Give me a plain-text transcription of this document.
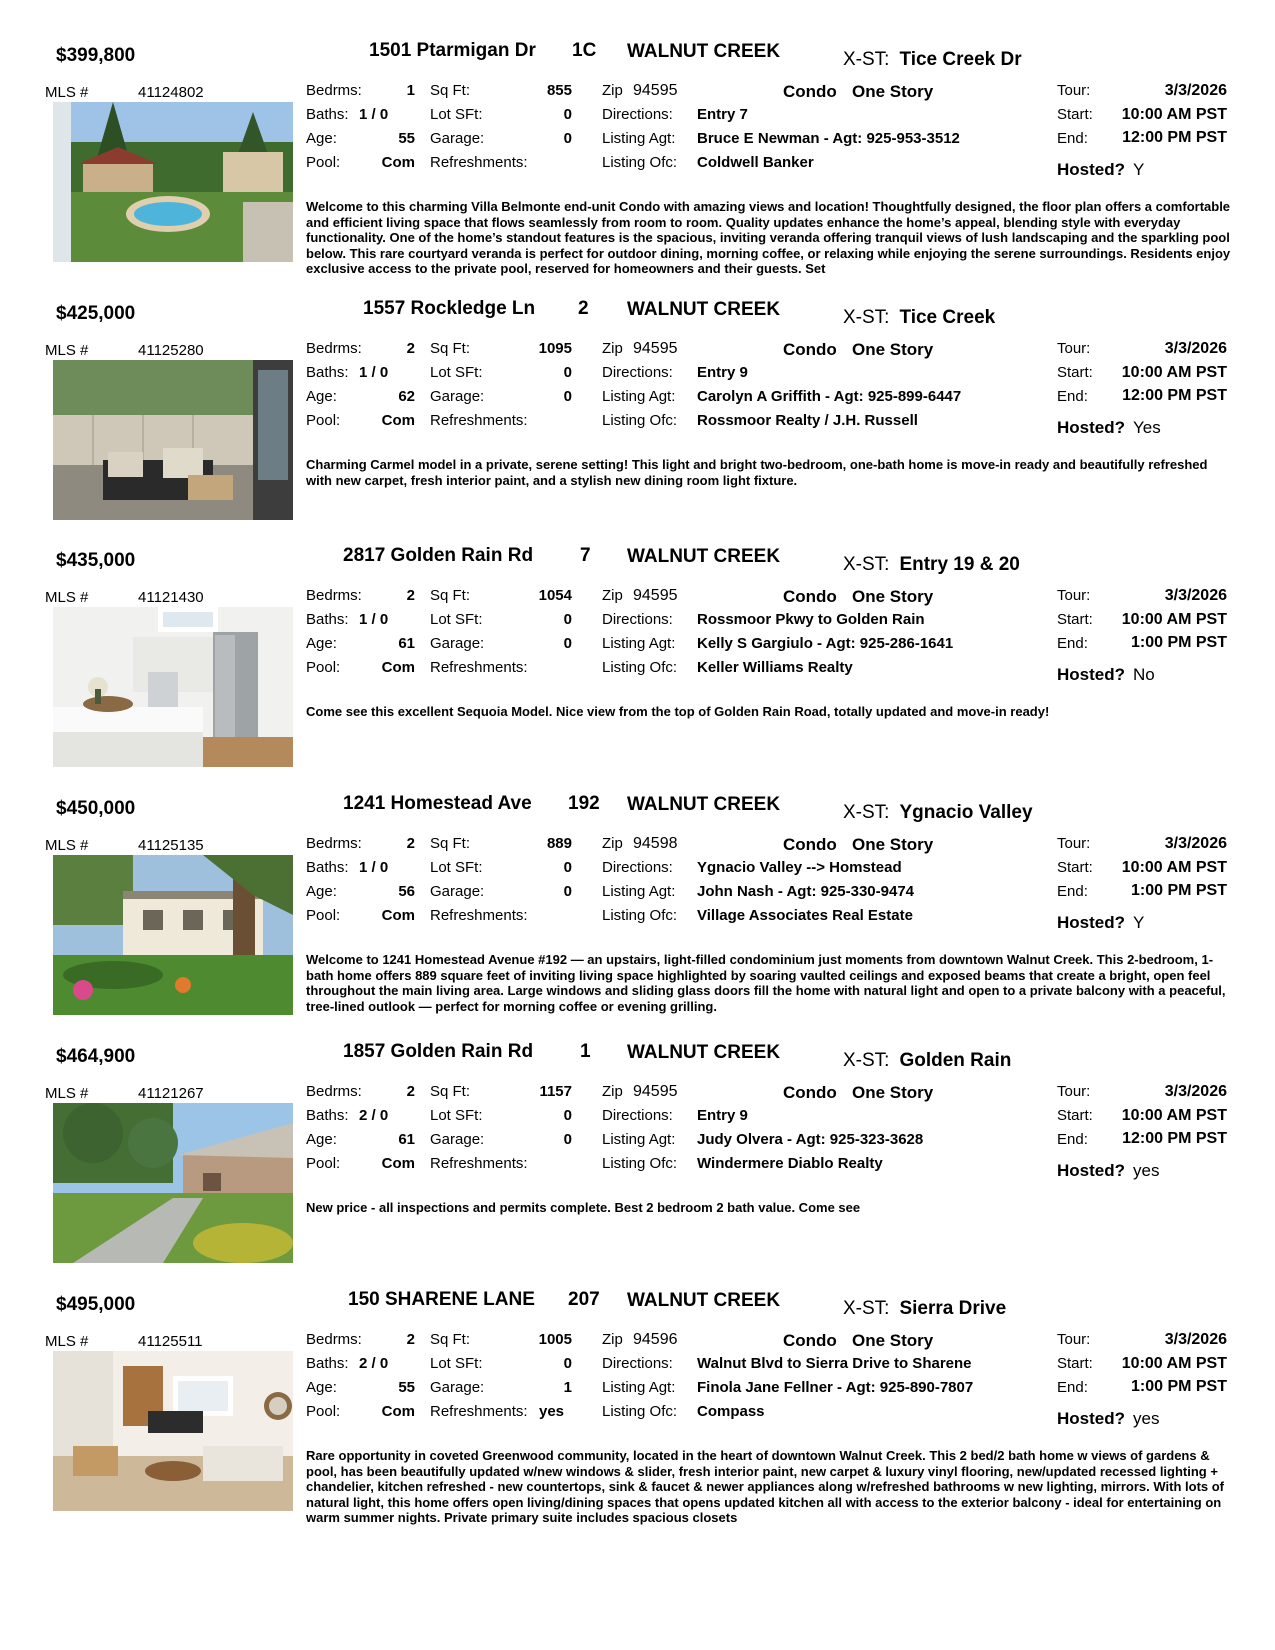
$399,800	1501 Ptarmigan Dr 1C WALNUT CREEK	X-ST: Tice Creek Dr
MLS #	41124802	Bedrms:	1
Baths: 1 / 0
Age:	55
Pool:	Com
Sq Ft:	855
Lot SFt:	0
Garage:	0
Refreshments:
Zip 94595	Condo One Story
Directions: Entry 7
Listing Agt: Bruce E Newman - Agt: 925-953-3512
Listing Ofc: Coldwell Banker
Tour:	3/3/2026
Start: 10:00 AM PST
End: 12:00 PM PST
Hosted? Y
Welcome to this charming Villa Belmonte end-unit Condo with amazing views and location! Thoughtfully designed, the floor plan offers a comfortable and efficient living space that flows seamlessly from room to room. Quality updates enhance the home’s appeal, blending style with everyday functionality. One of the home’s standout features is the spacious, inviting veranda offering tranquil views of lush landscaping and the sparkling pool below. This rare courtyard veranda is perfect for outdoor dining, morning coffee, or relaxing while enjoying the serene surroundings. Residents enjoy exclusive access to the private pool, reserved for homeowners and their guests. Set
$425,000	1557 Rockledge Ln 2 WALNUT CREEK	X-ST: Tice Creek
MLS #	41125280	Bedrms:	2
Baths: 1 / 0
Age:	62
Pool:	Com
Sq Ft:	1095
Lot SFt:	0
Garage:	0
Refreshments:
Zip 94595	Condo One Story
Directions: Entry 9
Listing Agt: Carolyn A Griffith - Agt: 925-899-6447
Listing Ofc: Rossmoor Realty / J.H. Russell
Tour:	3/3/2026
Start: 10:00 AM PST
End: 12:00 PM PST
Hosted? Yes
Charming Carmel model in a private, serene setting! This light and bright two-bedroom, one-bath home is move-in ready and beautifully refreshed with new carpet, fresh interior paint, and a stylish new dining room light fixture.
$435,000	2817 Golden Rain Rd 7 WALNUT CREEK	X-ST: Entry 19 & 20
MLS #	41121430	Bedrms:	2
Baths: 1 / 0
Age:	61
Pool:	Com
Sq Ft:	1054
Lot SFt:	0
Garage:	0
Refreshments:
Zip 94595	Condo One Story
Directions: Rossmoor Pkwy to Golden Rain
Listing Agt: Kelly S Gargiulo - Agt: 925-286-1641
Listing Ofc: Keller Williams Realty
Tour:	3/3/2026
Start: 10:00 AM PST
End:	1:00 PM PST
Hosted? No
Come see this excellent Sequoia Model. Nice view from the top of Golden Rain Road, totally updated and move-in ready!
$450,000	1241 Homestead Ave 192 WALNUT CREEK	X-ST: Ygnacio Valley
MLS #	41125135	Bedrms:	2
Baths: 1 / 0
Age:	56
Pool:	Com
Sq Ft:	889
Lot SFt:	0
Garage:	0
Refreshments:
Zip 94598	Condo One Story
Directions: Ygnacio Valley --> Homstead
Listing Agt: John Nash - Agt: 925-330-9474
Listing Ofc: Village Associates Real Estate
Tour:	3/3/2026
Start: 10:00 AM PST
End:	1:00 PM PST
Hosted? Y
Welcome to 1241 Homestead Avenue #192 — an upstairs, light-filled condominium just moments from downtown Walnut Creek. This 2-bedroom, 1-bath home offers 889 square feet of inviting living space highlighted by soaring vaulted ceilings and exposed beams that create a bright, open feel throughout the main living area. Large windows and sliding glass doors fill the home with natural light and open to a private balcony with a peaceful, tree-lined outlook — perfect for morning coffee or evening grilling.
$464,900	1857 Golden Rain Rd 1 WALNUT CREEK	X-ST: Golden Rain
MLS #	41121267	Bedrms:	2
Baths: 2 / 0
Age:	61
Pool:	Com
Sq Ft:	1157
Lot SFt:	0
Garage:	0
Refreshments:
Zip 94595	Condo One Story
Directions: Entry 9
Listing Agt: Judy Olvera - Agt: 925-323-3628
Listing Ofc: Windermere Diablo Realty
Tour:	3/3/2026
Start: 10:00 AM PST
End: 12:00 PM PST
Hosted? yes
New price - all inspections and permits complete. Best 2 bedroom 2 bath value. Come see
$495,000	150 SHARENE LANE 207 WALNUT CREEK	X-ST: Sierra Drive
MLS #	41125511	Bedrms:	2
Baths: 2 / 0
Age:	55
Pool:	Com
Sq Ft:	1005
Lot SFt:	0
Garage:	1
Refreshments: yes
Zip 94596	Condo One Story
Directions: Walnut Blvd to Sierra Drive to Sharene
Listing Agt: Finola Jane Fellner - Agt: 925-890-7807
Listing Ofc: Compass
Tour:	3/3/2026
Start: 10:00 AM PST
End:	1:00 PM PST
Hosted? yes
Rare opportunity in coveted Greenwood community, located in the heart of downtown Walnut Creek. This 2 bed/2 bath home w views of gardens & pool, has been beautifully updated w/new windows & slider, fresh interior paint, new carpet & luxury vinyl flooring, new/updated recessed lighting + chandelier, kitchen refreshed - new countertops, sink & faucet & newer appliances along w/refreshed bathrooms w new lighting, mirrors. With lots of natural light, this home offers open living/dining spaces that opens updated kitchen all with access to the exterior balcony - ideal for entertaining on warm summer nights. Private primary suite includes spacious closets
